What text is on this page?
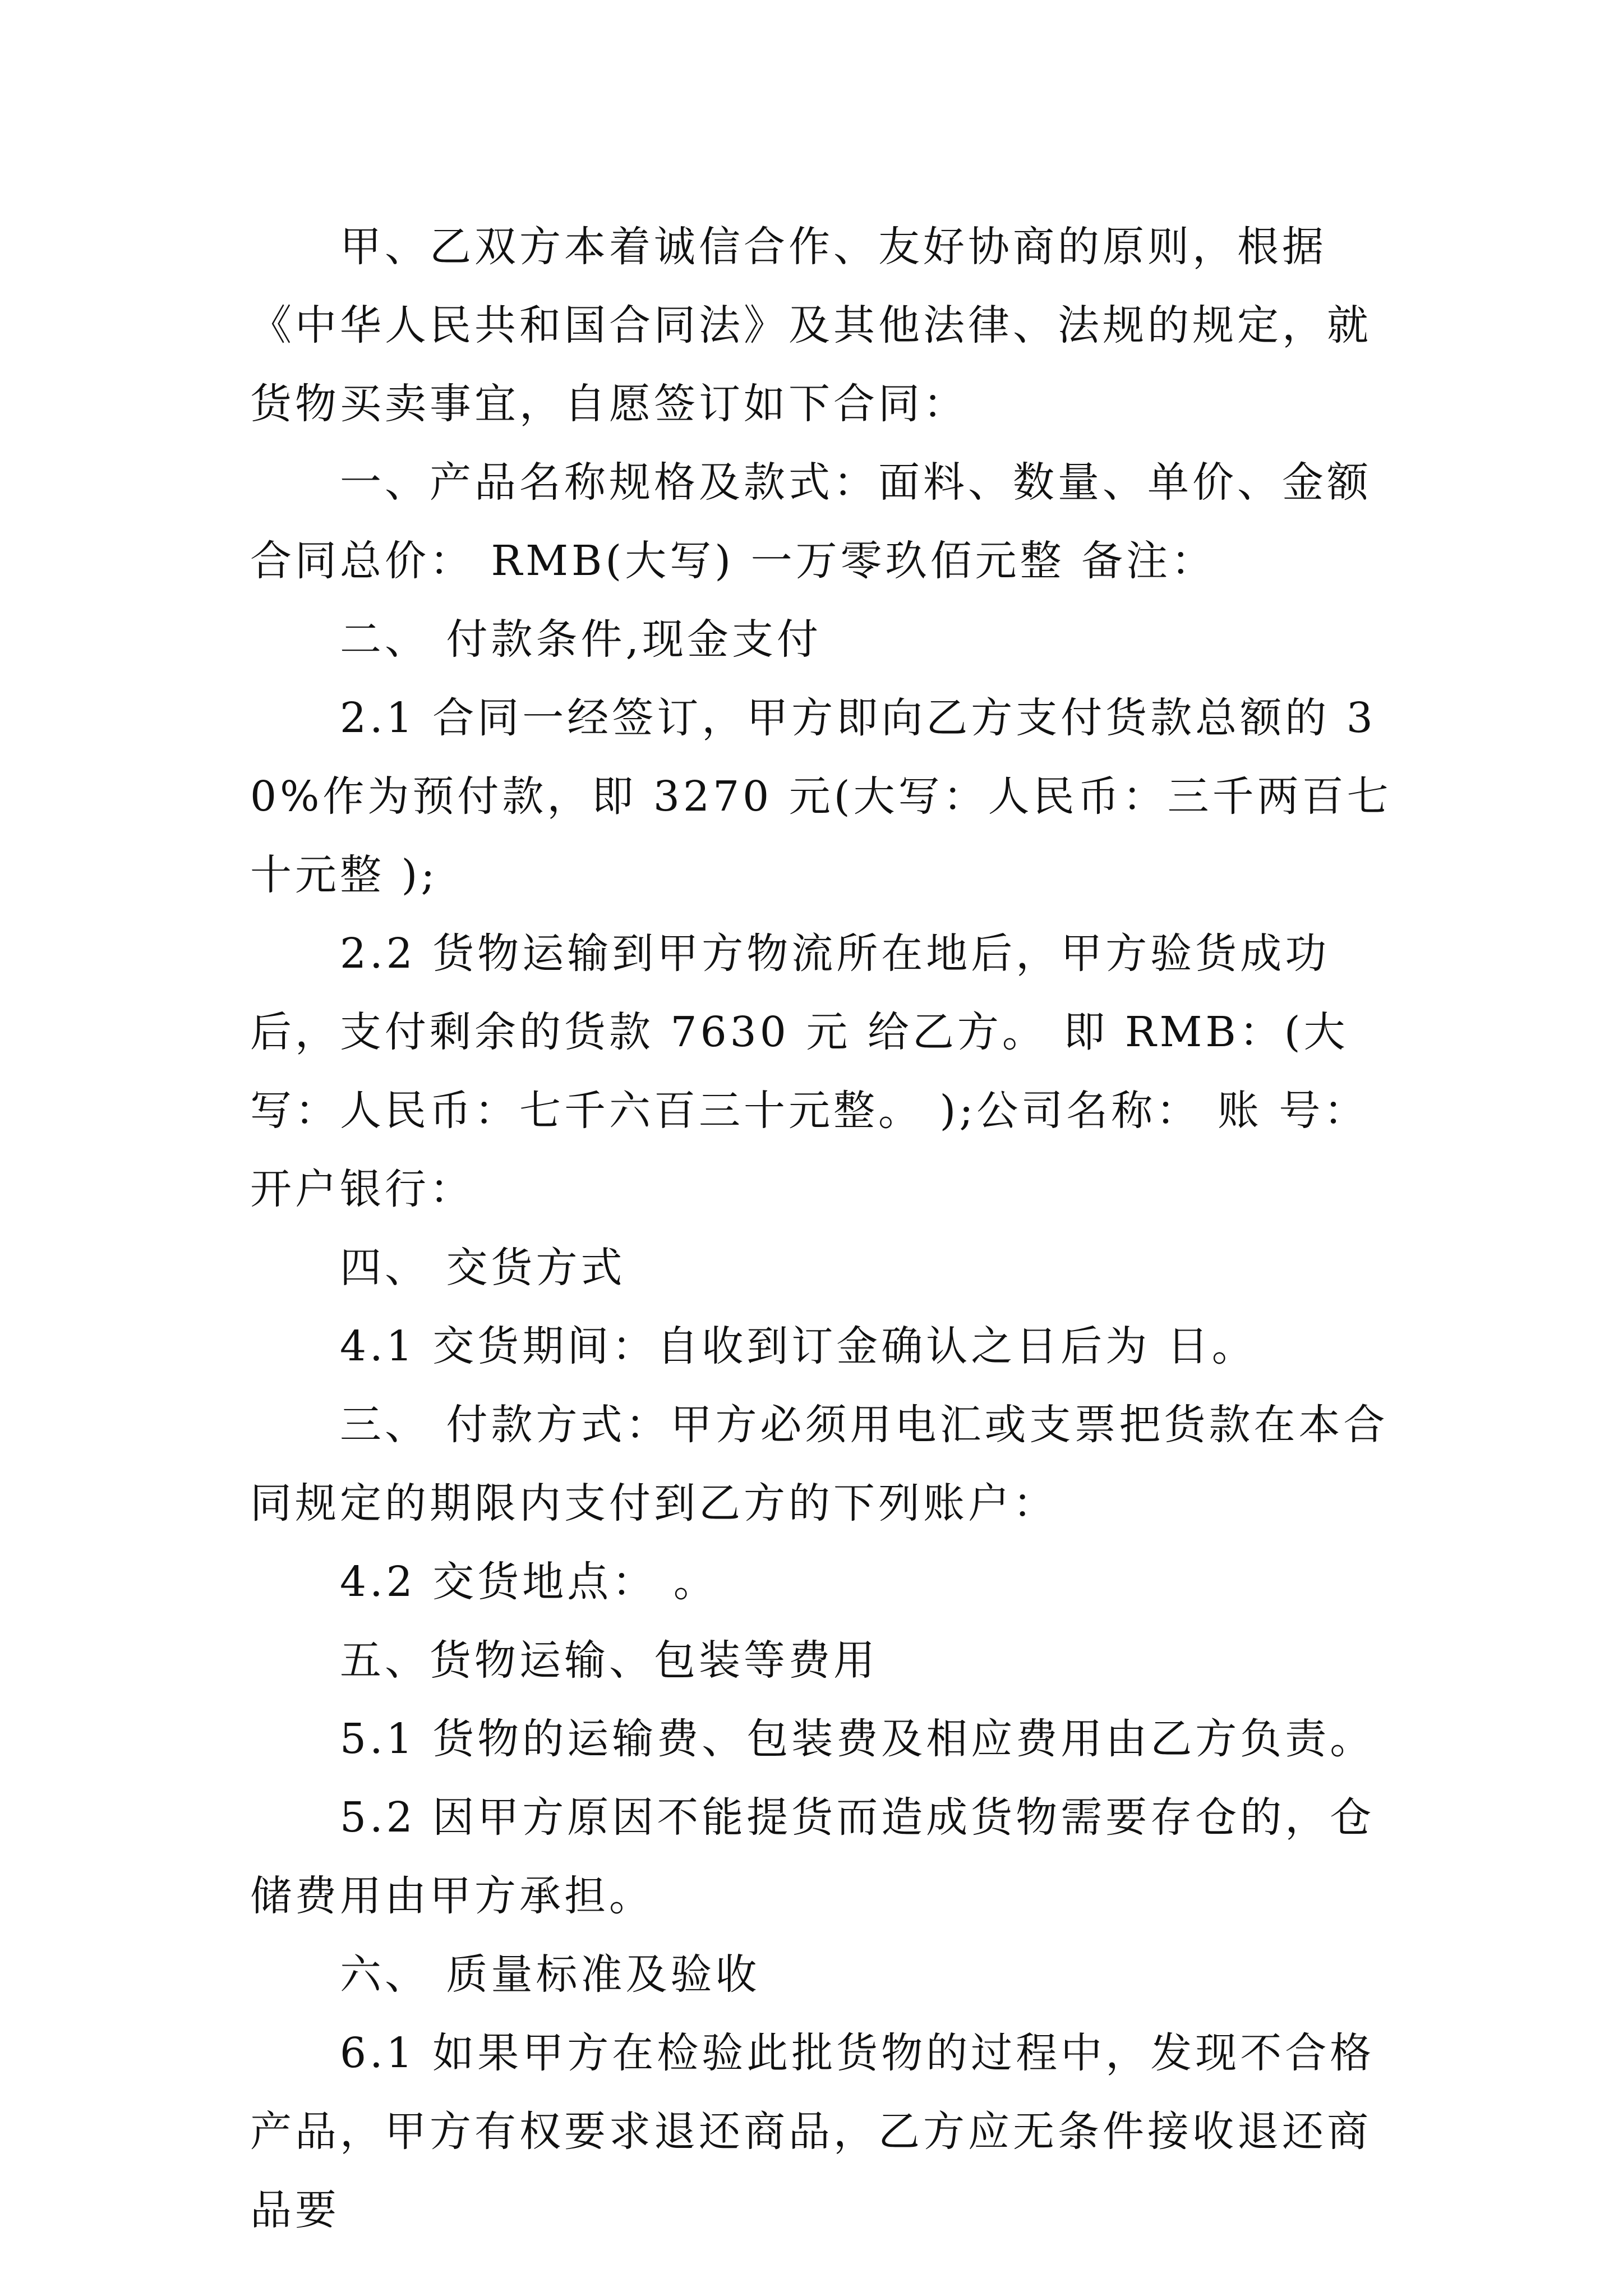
甲、乙双方本着诚信合作、友好协商的原则，根据《中华人民共和国合同法》及其他法律、法规的规定，就货物买卖事宜，自愿签订如下合同：

一、产品名称规格及款式：面料、数量、单价、金额合同总价： RMB(大写) 一万零玖佰元整 备注：

二、 付款条件,现金支付

2.1 合同一经签订，甲方即向乙方支付货款总额的 30%作为预付款，即 3270 元(大写：人民币：三千两百七十元整 );

2.2 货物运输到甲方物流所在地后，甲方验货成功后，支付剩余的货款 7630 元 给乙方。 即 RMB：(大写：人民币：七千六百三十元整。 );公司名称： 账 号：开户银行：

四、 交货方式

4.1 交货期间：自收到订金确认之日后为 日。

三、 付款方式：甲方必须用电汇或支票把货款在本合同规定的期限内支付到乙方的下列账户：

4.2 交货地点： 。

五、货物运输、包装等费用

5.1 货物的运输费、包装费及相应费用由乙方负责。

5.2 因甲方原因不能提货而造成货物需要存仓的，仓储费用由甲方承担。

六、 质量标准及验收

6.1 如果甲方在检验此批货物的过程中，发现不合格产品，甲方有权要求退还商品，乙方应无条件接收退还商品要
